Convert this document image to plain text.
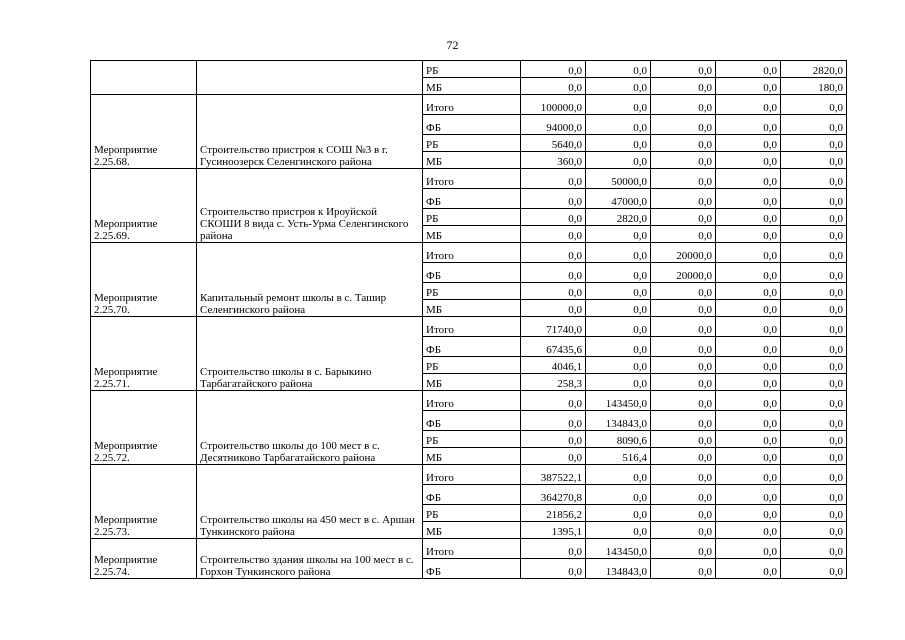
72
		РБ	0,0	0,0	0,0	0,0	2820,0
		МБ	0,0	0,0	0,0	0,0	180,0
Мероприятие 2.25.68.	Строительство пристроя к СОШ №3 в г. Гусиноозерск Селенгинского района	Итого	100000,0	0,0	0,0	0,0	0,0
		ФБ	94000,0	0,0	0,0	0,0	0,0
		РБ	5640,0	0,0	0,0	0,0	0,0
		МБ	360,0	0,0	0,0	0,0	0,0
Мероприятие 2.25.69.	Строительство пристроя к Ироуйской СКОШИ 8 вида с. Усть-Урма Селенгинского района	Итого	0,0	50000,0	0,0	0,0	0,0
		ФБ	0,0	47000,0	0,0	0,0	0,0
		РБ	0,0	2820,0	0,0	0,0	0,0
		МБ	0,0	0,0	0,0	0,0	0,0
Мероприятие 2.25.70.	Капитальный ремонт школы в с. Ташир Селенгинского района	Итого	0,0	0,0	20000,0	0,0	0,0
		ФБ	0,0	0,0	20000,0	0,0	0,0
		РБ	0,0	0,0	0,0	0,0	0,0
		МБ	0,0	0,0	0,0	0,0	0,0
Мероприятие 2.25.71.	Строительство школы в с. Барыкино Тарбагатайского района	Итого	71740,0	0,0	0,0	0,0	0,0
		ФБ	67435,6	0,0	0,0	0,0	0,0
		РБ	4046,1	0,0	0,0	0,0	0,0
		МБ	258,3	0,0	0,0	0,0	0,0
Мероприятие 2.25.72.	Строительство школы до 100 мест в с. Десятниково Тарбагатайского района	Итого	0,0	143450,0	0,0	0,0	0,0
		ФБ	0,0	134843,0	0,0	0,0	0,0
		РБ	0,0	8090,6	0,0	0,0	0,0
		МБ	0,0	516,4	0,0	0,0	0,0
Мероприятие 2.25.73.	Строительство школы на 450 мест в с. Аршан Тункинского района	Итого	387522,1	0,0	0,0	0,0	0,0
		ФБ	364270,8	0,0	0,0	0,0	0,0
		РБ	21856,2	0,0	0,0	0,0	0,0
		МБ	1395,1	0,0	0,0	0,0	0,0
Мероприятие 2.25.74.	Строительство здания школы на 100 мест в с. Горхон Тункинского района	Итого	0,0	143450,0	0,0	0,0	0,0
		ФБ	0,0	134843,0	0,0	0,0	0,0
